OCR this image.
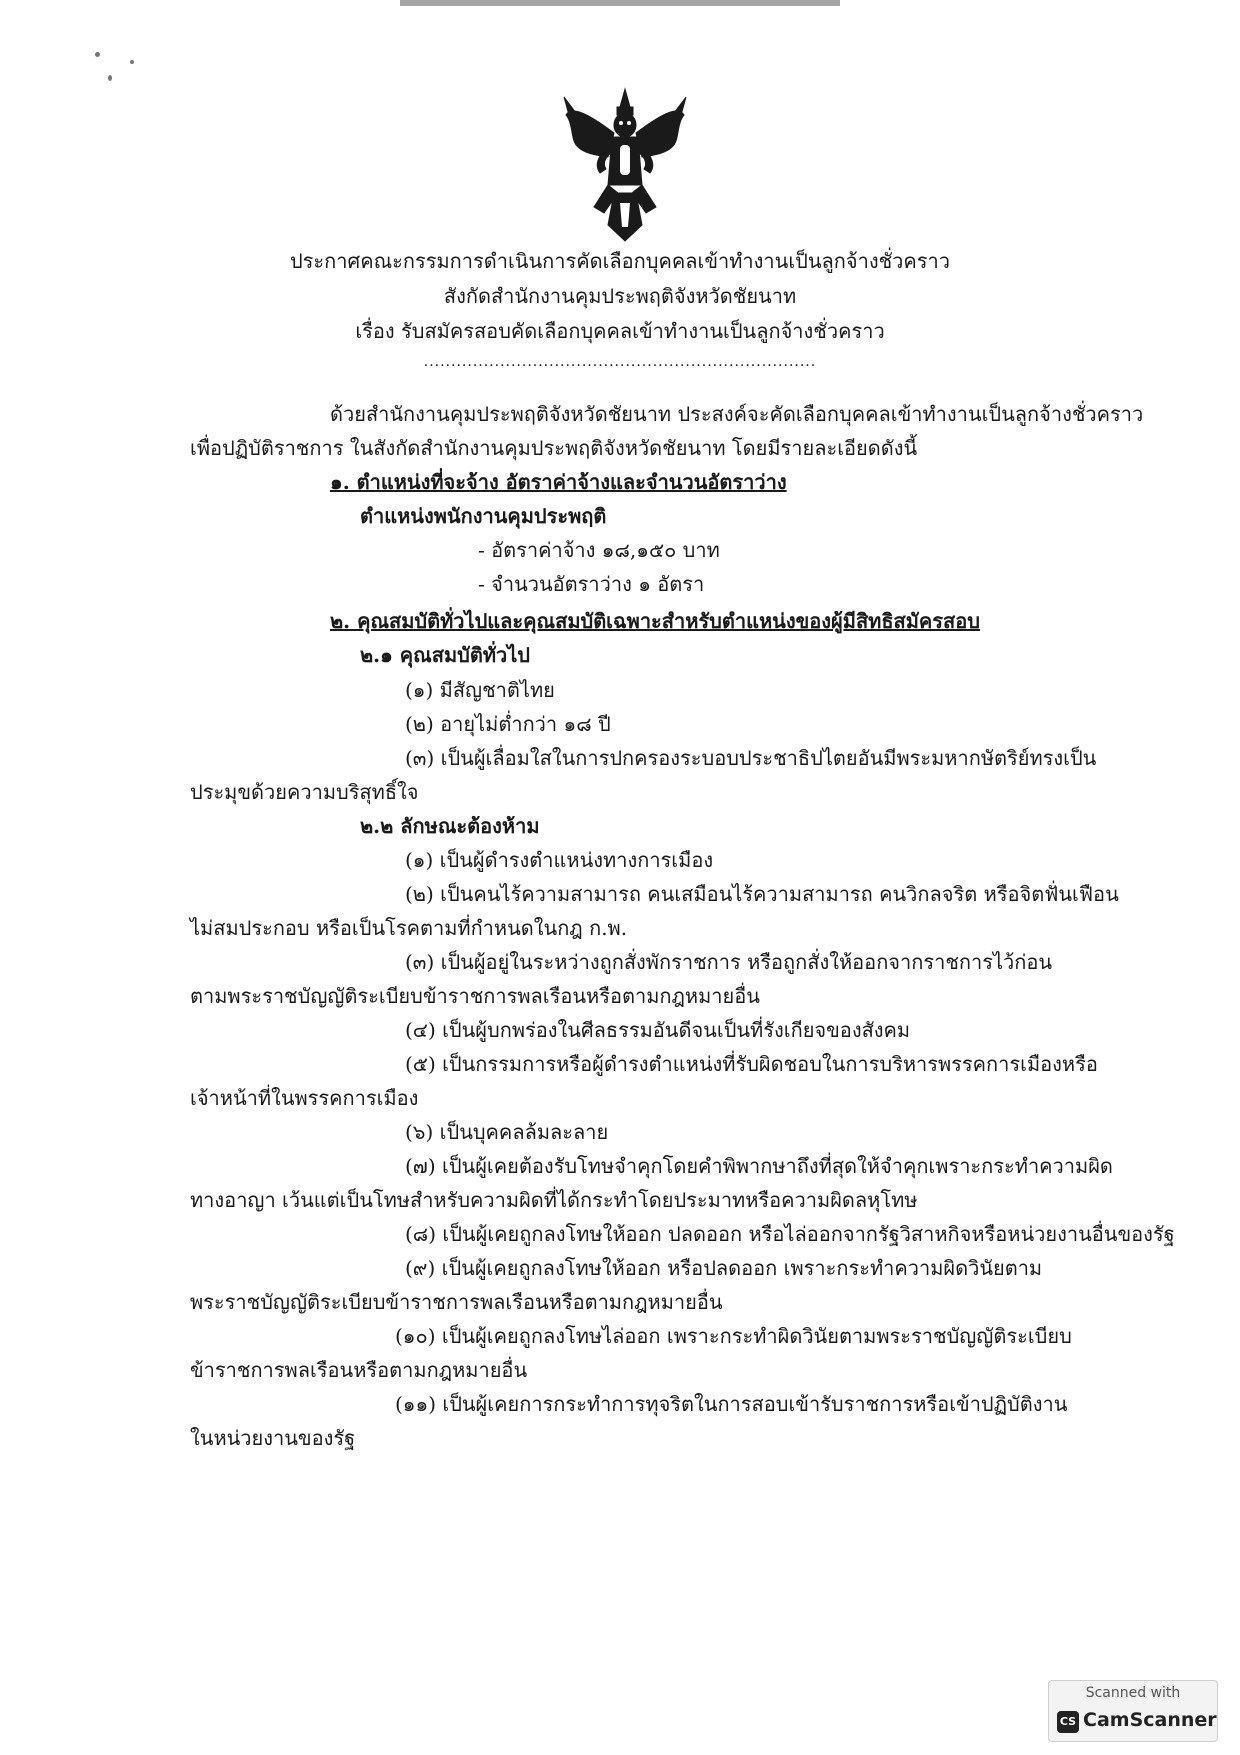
ประกาศคณะกรรมการดำเนินการคัดเลือกบุคคลเข้าทำงานเป็นลูกจ้างชั่วคราว
สังกัดสำนักงานคุมประพฤติจังหวัดชัยนาท
เรื่อง รับสมัครสอบคัดเลือกบุคคลเข้าทำงานเป็นลูกจ้างชั่วคราว
........................................................................
ด้วยสำนักงานคุมประพฤติจังหวัดชัยนาท ประสงค์จะคัดเลือกบุคคลเข้าทำงานเป็นลูกจ้างชั่วคราว
เพื่อปฏิบัติราชการ ในสังกัดสำนักงานคุมประพฤติจังหวัดชัยนาท โดยมีรายละเอียดดังนี้
๑. ตำแหน่งที่จะจ้าง อัตราค่าจ้างและจำนวนอัตราว่าง
ตำแหน่งพนักงานคุมประพฤติ
- อัตราค่าจ้าง ๑๘,๑๕๐ บาท
- จำนวนอัตราว่าง ๑ อัตรา
๒. คุณสมบัติทั่วไปและคุณสมบัติเฉพาะสำหรับตำแหน่งของผู้มีสิทธิสมัครสอบ
๒.๑ คุณสมบัติทั่วไป
(๑) มีสัญชาติไทย
(๒) อายุไม่ต่ำกว่า ๑๘ ปี
(๓) เป็นผู้เลื่อมใสในการปกครองระบอบประชาธิปไตยอันมีพระมหากษัตริย์ทรงเป็น
ประมุขด้วยความบริสุทธิ์ใจ
๒.๒ ลักษณะต้องห้าม
(๑) เป็นผู้ดำรงตำแหน่งทางการเมือง
(๒) เป็นคนไร้ความสามารถ คนเสมือนไร้ความสามารถ คนวิกลจริต หรือจิตฟั่นเฟือน
ไม่สมประกอบ หรือเป็นโรคตามที่กำหนดในกฎ ก.พ.
(๓) เป็นผู้อยู่ในระหว่างถูกสั่งพักราชการ หรือถูกสั่งให้ออกจากราชการไว้ก่อน
ตามพระราชบัญญัติระเบียบข้าราชการพลเรือนหรือตามกฎหมายอื่น
(๔) เป็นผู้บกพร่องในศีลธรรมอันดีจนเป็นที่รังเกียจของสังคม
(๕) เป็นกรรมการหรือผู้ดำรงตำแหน่งที่รับผิดชอบในการบริหารพรรคการเมืองหรือ
เจ้าหน้าที่ในพรรคการเมือง
(๖) เป็นบุคคลล้มละลาย
(๗) เป็นผู้เคยต้องรับโทษจำคุกโดยคำพิพากษาถึงที่สุดให้จำคุกเพราะกระทำความผิด
ทางอาญา เว้นแต่เป็นโทษสำหรับความผิดที่ได้กระทำโดยประมาทหรือความผิดลหุโทษ
(๘) เป็นผู้เคยถูกลงโทษให้ออก ปลดออก หรือไล่ออกจากรัฐวิสาหกิจหรือหน่วยงานอื่นของรัฐ
(๙) เป็นผู้เคยถูกลงโทษให้ออก หรือปลดออก เพราะกระทำความผิดวินัยตาม
พระราชบัญญัติระเบียบข้าราชการพลเรือนหรือตามกฎหมายอื่น
(๑๐) เป็นผู้เคยถูกลงโทษไล่ออก เพราะกระทำผิดวินัยตามพระราชบัญญัติระเบียบ
ข้าราชการพลเรือนหรือตามกฎหมายอื่น
(๑๑) เป็นผู้เคยการกระทำการทุจริตในการสอบเข้ารับราชการหรือเข้าปฏิบัติงาน
ในหน่วยงานของรัฐ
Scanned with
CS CamScanner
